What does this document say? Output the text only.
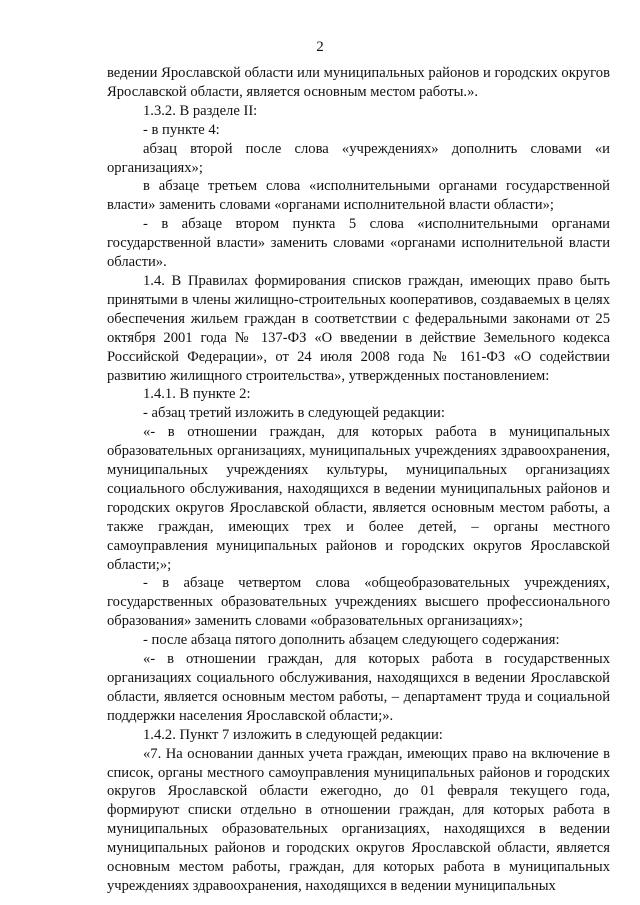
2

ведении Ярославской области или муниципальных районов и городских округов Ярославской области, является основным местом работы.».

1.3.2. В разделе II:

- в пункте 4:

абзац второй после слова «учреждениях» дополнить словами «и организациях»;

в абзаце третьем слова «исполнительными органами государственной власти» заменить словами «органами исполнительной власти области»;

- в абзаце втором пункта 5 слова «исполнительными органами государственной власти» заменить словами «органами исполнительной власти области».

1.4. В Правилах формирования списков граждан, имеющих право быть принятыми в члены жилищно-строительных кооперативов, создаваемых в целях обеспечения жильем граждан в соответствии с федеральными законами от 25 октября 2001 года № 137-ФЗ «О введении в действие Земельного кодекса Российской Федерации», от 24 июля 2008 года № 161-ФЗ «О содействии развитию жилищного строительства», утвержденных постановлением:

1.4.1. В пункте 2:

- абзац третий изложить в следующей редакции:

«- в отношении граждан, для которых работа в муниципальных образовательных организациях, муниципальных учреждениях здравоохранения, муниципальных учреждениях культуры, муниципальных организациях социального обслуживания, находящихся в ведении муниципальных районов и городских округов Ярославской области, является основным местом работы, а также граждан, имеющих трех и более детей, – органы местного самоуправления муниципальных районов и городских округов Ярославской области;»;

- в абзаце четвертом слова «общеобразовательных учреждениях, государственных образовательных учреждениях высшего профессионального образования» заменить словами «образовательных организациях»;

- после абзаца пятого дополнить абзацем следующего содержания:

«- в отношении граждан, для которых работа в государственных организациях социального обслуживания, находящихся в ведении Ярославской области, является основным местом работы, – департамент труда и социальной поддержки населения Ярославской области;».

1.4.2. Пункт 7 изложить в следующей редакции:

«7. На основании данных учета граждан, имеющих право на включение в список, органы местного самоуправления муниципальных районов и городских округов Ярославской области ежегодно, до 01 февраля текущего года, формируют списки отдельно в отношении граждан, для которых работа в муниципальных образовательных организациях, находящихся в ведении муниципальных районов и городских округов Ярославской области, является основным местом работы, граждан, для которых работа в муниципальных учреждениях здравоохранения, находящихся в ведении муниципальных
